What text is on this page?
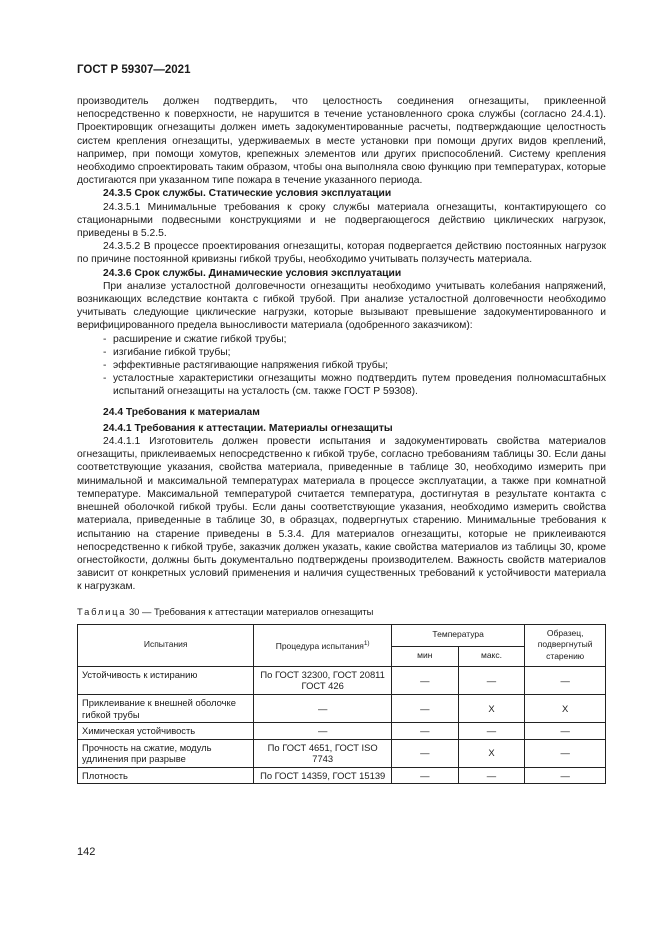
ГОСТ Р 59307—2021

производитель должен подтвердить, что целостность соединения огнезащиты, приклеенной непосредственно к поверхности, не нарушится в течение установленного срока службы (согласно 24.4.1). Проектировщик огнезащиты должен иметь задокументированные расчеты, подтверждающие целостность систем крепления огнезащиты, удерживаемых в месте установки при помощи других видов креплений, например, при помощи хомутов, крепежных элементов или других приспособлений. Систему крепления необходимо спроектировать таким образом, чтобы она выполняла свою функцию при температурах, которые достигаются при указанном типе пожара в течение указанного периода.

24.3.5 Срок службы. Статические условия эксплуатации

24.3.5.1 Минимальные требования к сроку службы материала огнезащиты, контактирующего со стационарными подвесными конструкциями и не подвергающегося действию циклических нагрузок, приведены в 5.2.5.

24.3.5.2 В процессе проектирования огнезащиты, которая подвергается действию постоянных нагрузок по причине постоянной кривизны гибкой трубы, необходимо учитывать ползучесть материала.

24.3.6 Срок службы. Динамические условия эксплуатации

При анализе усталостной долговечности огнезащиты необходимо учитывать колебания напряжений, возникающих вследствие контакта с гибкой трубой. При анализе усталостной долговечности необходимо учитывать следующие циклические нагрузки, которые вызывают превышение задокументированного и верифицированного предела выносливости материала (одобренного заказчиком):

- расширение и сжатие гибкой трубы;
- изгибание гибкой трубы;
- эффективные растягивающие напряжения гибкой трубы;
- усталостные характеристики огнезащиты можно подтвердить путем проведения полномасштабных испытаний огнезащиты на усталость (см. также ГОСТ Р 59308).

24.4 Требования к материалам

24.4.1 Требования к аттестации. Материалы огнезащиты

24.4.1.1 Изготовитель должен провести испытания и задокументировать свойства материалов огнезащиты, приклеиваемых непосредственно к гибкой трубе, согласно требованиям таблицы 30. Если даны соответствующие указания, свойства материала, приведенные в таблице 30, необходимо измерить при минимальной и максимальной температурах материала в процессе эксплуатации, а также при комнатной температуре. Максимальной температурой считается температура, достигнутая в результате контакта с внешней оболочкой гибкой трубы. Если даны соответствующие указания, необходимо измерить свойства материала, приведенные в таблице 30, в образцах, подвергнутых старению. Минимальные требования к испытанию на старение приведены в 5.3.4. Для материалов огнезащиты, которые не приклеиваются непосредственно к гибкой трубе, заказчик должен указать, какие свойства материалов из таблицы 30, кроме огнестойкости, должны быть документально подтверждены производителем. Важность свойств материалов зависит от конкретных условий применения и наличия существенных требований к устойчивости материала к нагрузкам.

Таблица 30 — Требования к аттестации материалов огнезащиты

Испытания	Процедура испытания$^{1)}$	Температура		Образец, подвергнутый старению
		мин	макс.	
Устойчивость к истиранию	По ГОСТ 32300, ГОСТ 20811 ГОСТ 426	—	—	—
Приклеивание к внешней оболочке гибкой трубы	—	—	X	X
Химическая устойчивость	—	—	—	—
Прочность на сжатие, модуль удлинения при разрыве	По ГОСТ 4651, ГОСТ ISO 7743	—	X	—
Плотность	По ГОСТ 14359, ГОСТ 15139	—	—	—
142
